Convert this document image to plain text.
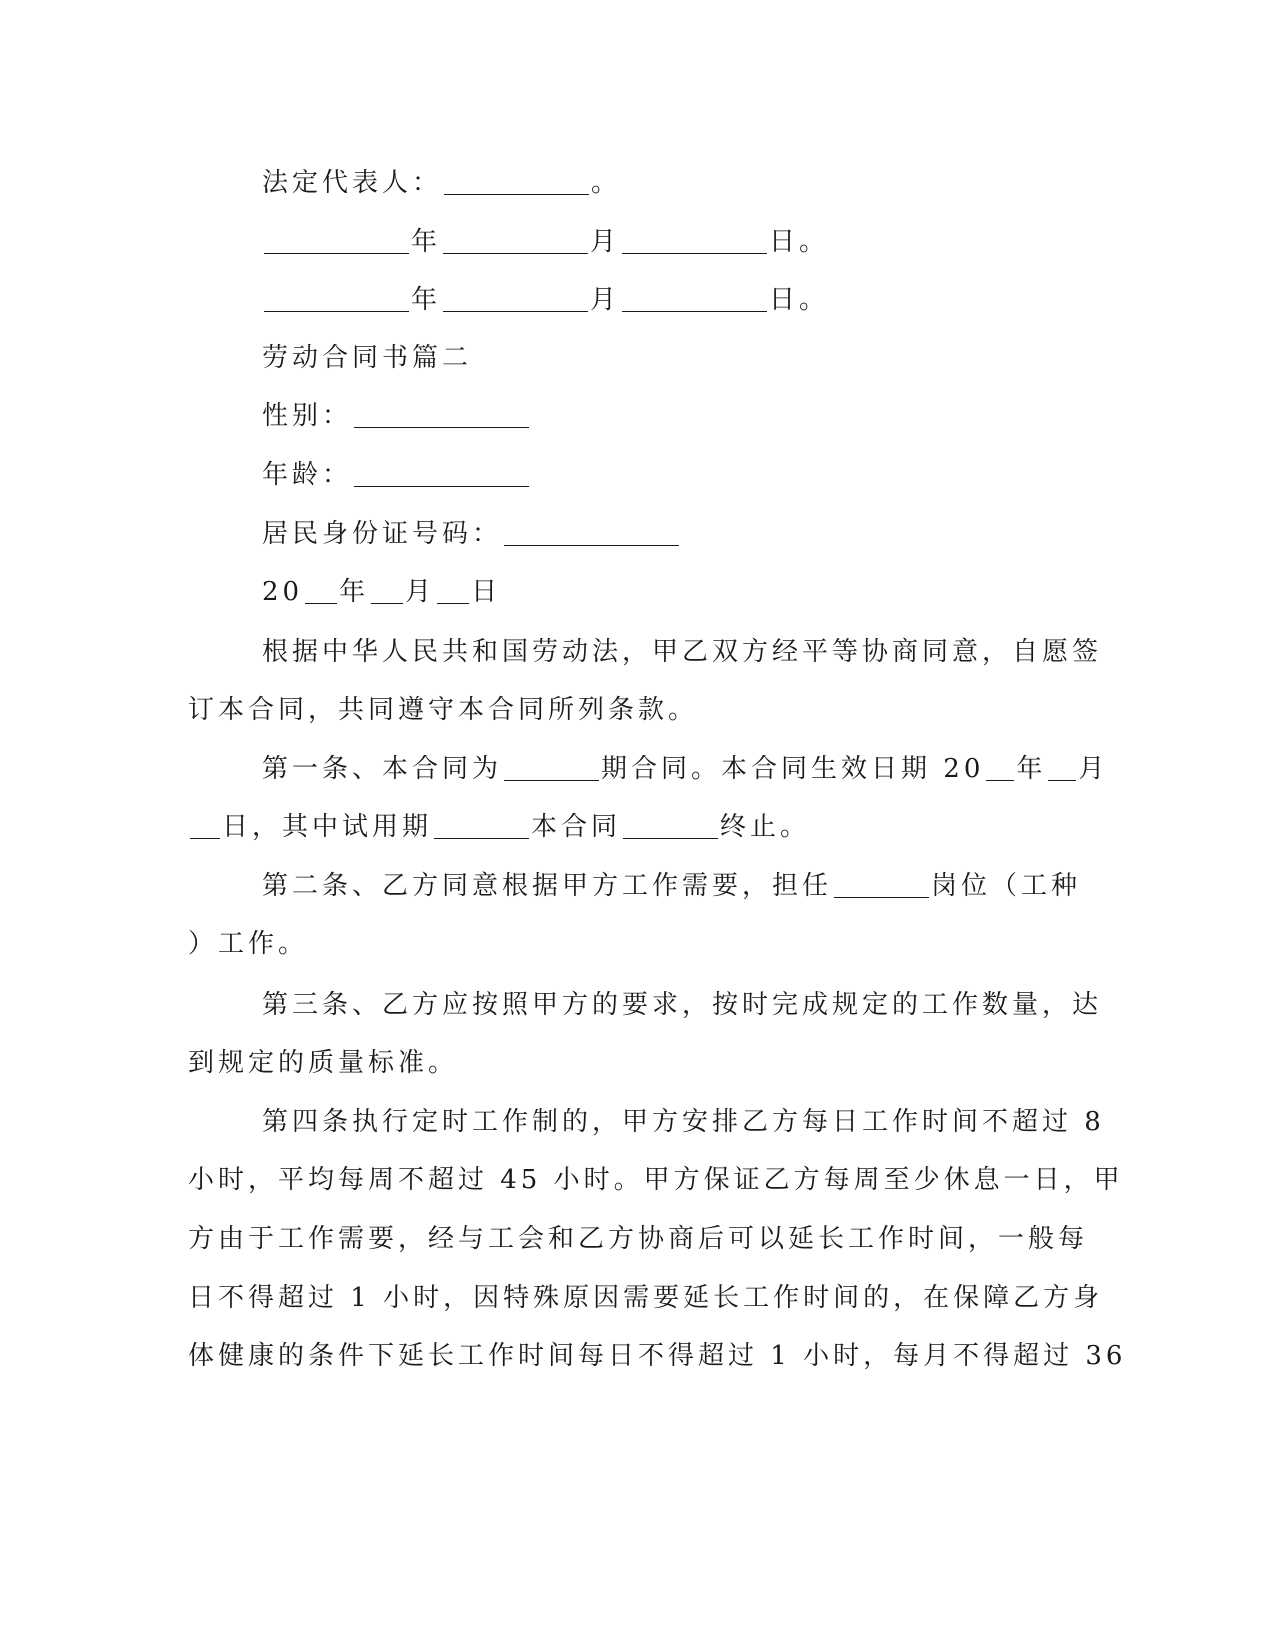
法定代表人：	。
年	月	日。
年	月	日。
劳动合同书篇二
性别：
年龄：
居民身份证号码：
20 年 月 日
根据中华人民共和国劳动法，甲乙双方经平等协商同意，自愿签
订本合同，共同遵守本合同所列条款。
第一条、本合同为	期合同。本合同生效日期 20 年 月
日，其中试用期	本合同	终止。
第二条、乙方同意根据甲方工作需要，担任	岗位（工种
）工作。
第三条、乙方应按照甲方的要求，按时完成规定的工作数量，达
到规定的质量标准。
第四条执行定时工作制的，甲方安排乙方每日工作时间不超过 8
小时，平均每周不超过 45 小时。甲方保证乙方每周至少休息一日，甲
方由于工作需要，经与工会和乙方协商后可以延长工作时间，一般每
日不得超过 1 小时，因特殊原因需要延长工作时间的，在保障乙方身
体健康的条件下延长工作时间每日不得超过 1 小时，每月不得超过 36
